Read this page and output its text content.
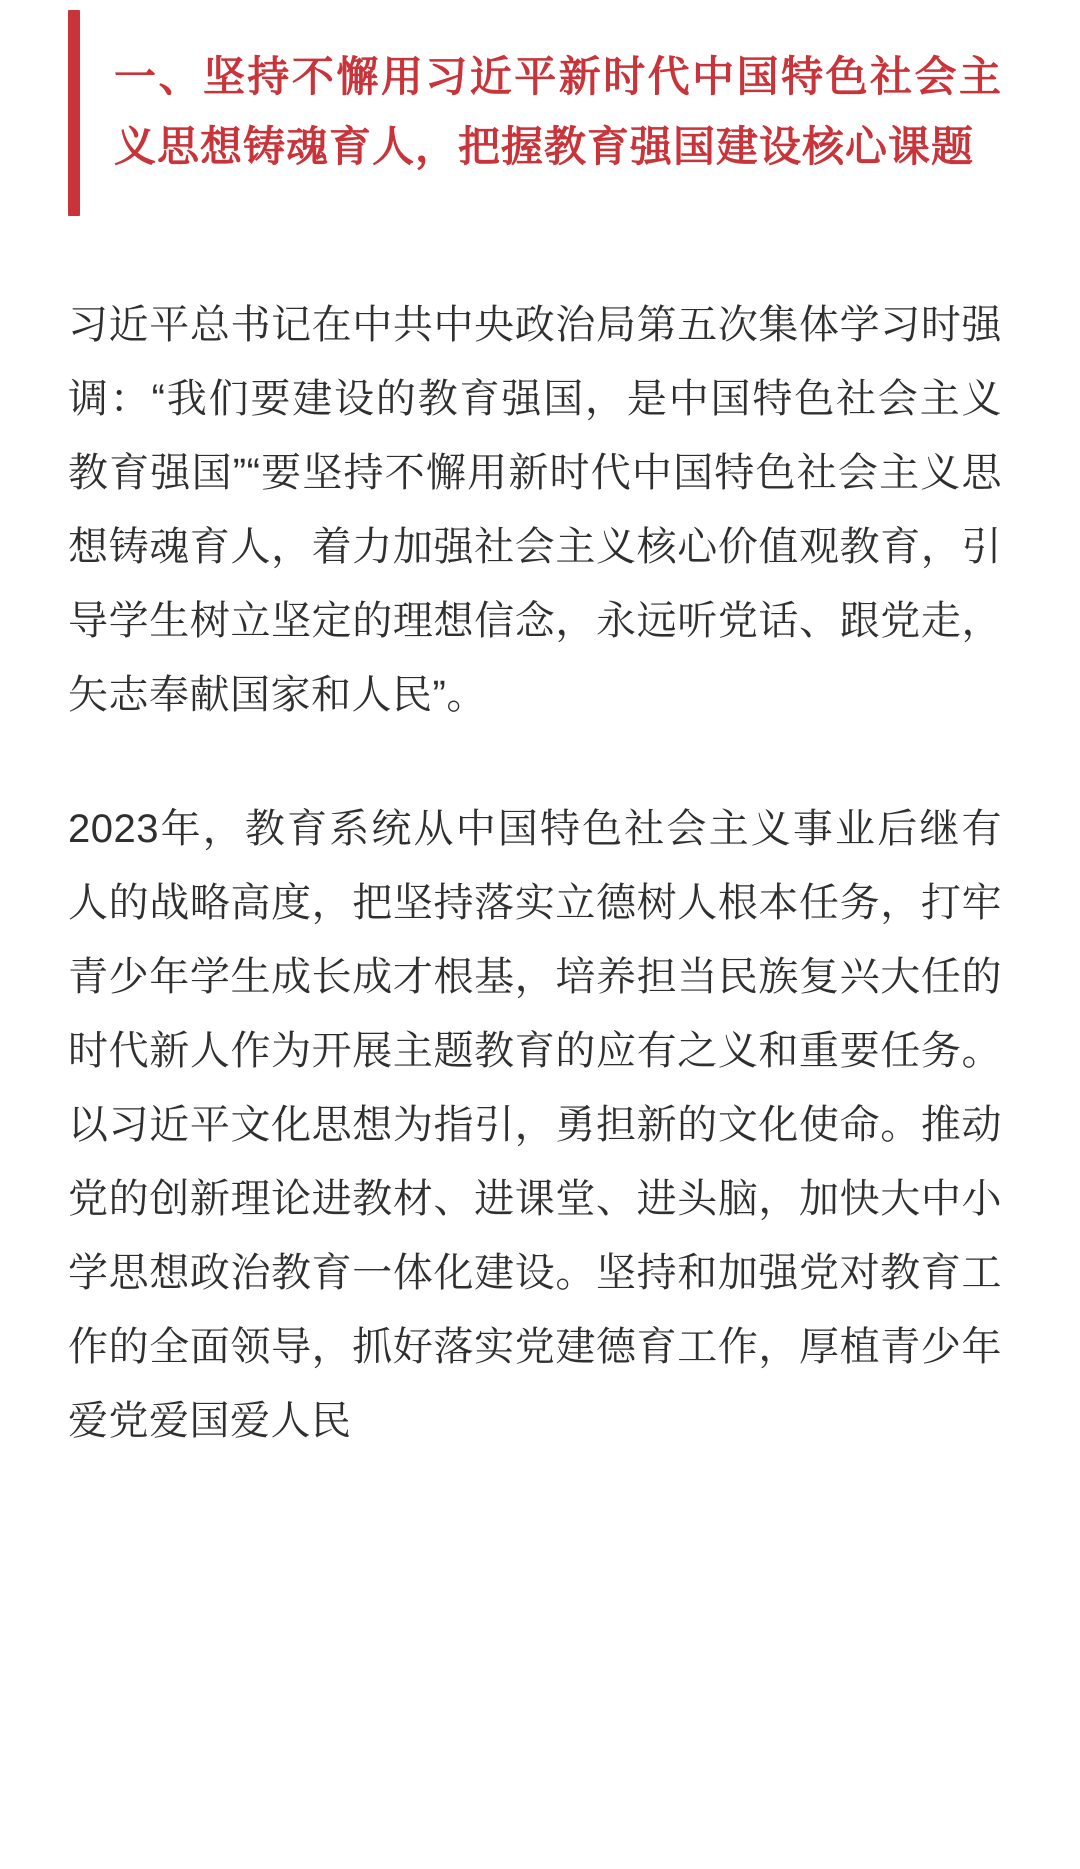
一、坚持不懈用习近平新时代中国特色社会主义思想铸魂育人，把握教育强国建设核心课题

习近平总书记在中共中央政治局第五次集体学习时强调：“我们要建设的教育强国，是中国特色社会主义教育强国”“要坚持不懈用新时代中国特色社会主义思想铸魂育人，着力加强社会主义核心价值观教育，引导学生树立坚定的理想信念，永远听党话、跟党走，矢志奉献国家和人民”。

2023年，教育系统从中国特色社会主义事业后继有人的战略高度，把坚持落实立德树人根本任务，打牢青少年学生成长成才根基，培养担当民族复兴大任的时代新人作为开展主题教育的应有之义和重要任务。以习近平文化思想为指引，勇担新的文化使命。推动党的创新理论进教材、进课堂、进头脑，加快大中小学思想政治教育一体化建设。坚持和加强党对教育工作的全面领导，抓好落实党建德育工作，厚植青少年爱党爱国爱人民
